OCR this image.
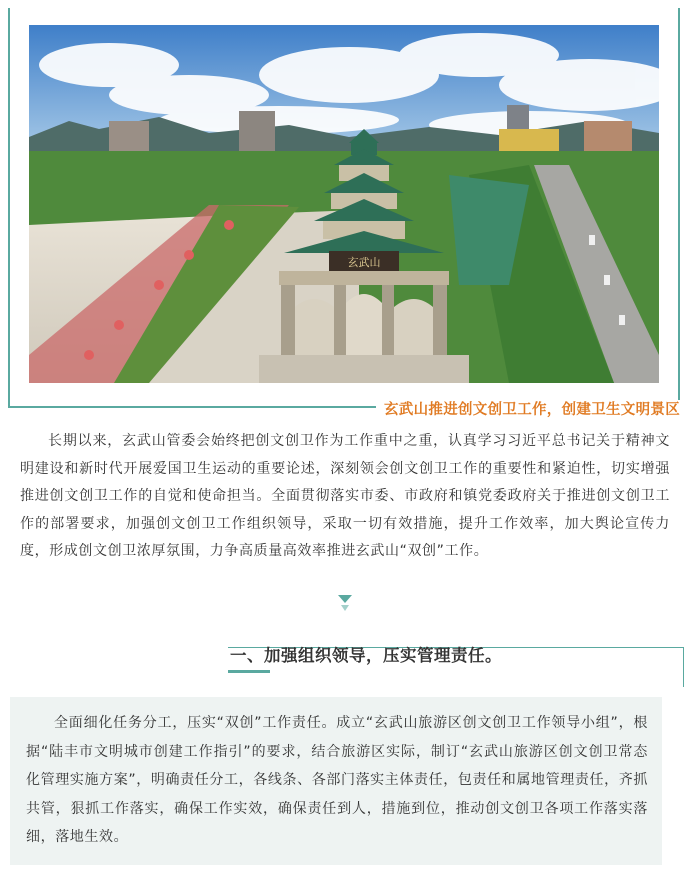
玄武山
玄武山推进创文创卫工作，创建卫生文明景区

长期以来，玄武山管委会始终把创文创卫作为工作重中之重，认真学习习近平总书记关于精神文明建设和新时代开展爱国卫生运动的重要论述，深刻领会创文创卫工作的重要性和紧迫性，切实增强推进创文创卫工作的自觉和使命担当。全面贯彻落实市委、市政府和镇党委政府关于推进创文创卫工作的部署要求，加强创文创卫工作组织领导，采取一切有效措施，提升工作效率，加大舆论宣传力度，形成创文创卫浓厚氛围，力争高质量高效率推进玄武山“双创”工作。

一、加强组织领导，压实管理责任。

全面细化任务分工，压实“双创”工作责任。成立“玄武山旅游区创文创卫工作领导小组”，根据“陆丰市文明城市创建工作指引”的要求，结合旅游区实际，制订“玄武山旅游区创文创卫常态化管理实施方案”，明确责任分工，各线条、各部门落实主体责任，包责任和属地管理责任，齐抓共管，狠抓工作落实，确保工作实效，确保责任到人，措施到位，推动创文创卫各项工作落实落细，落地生效。
